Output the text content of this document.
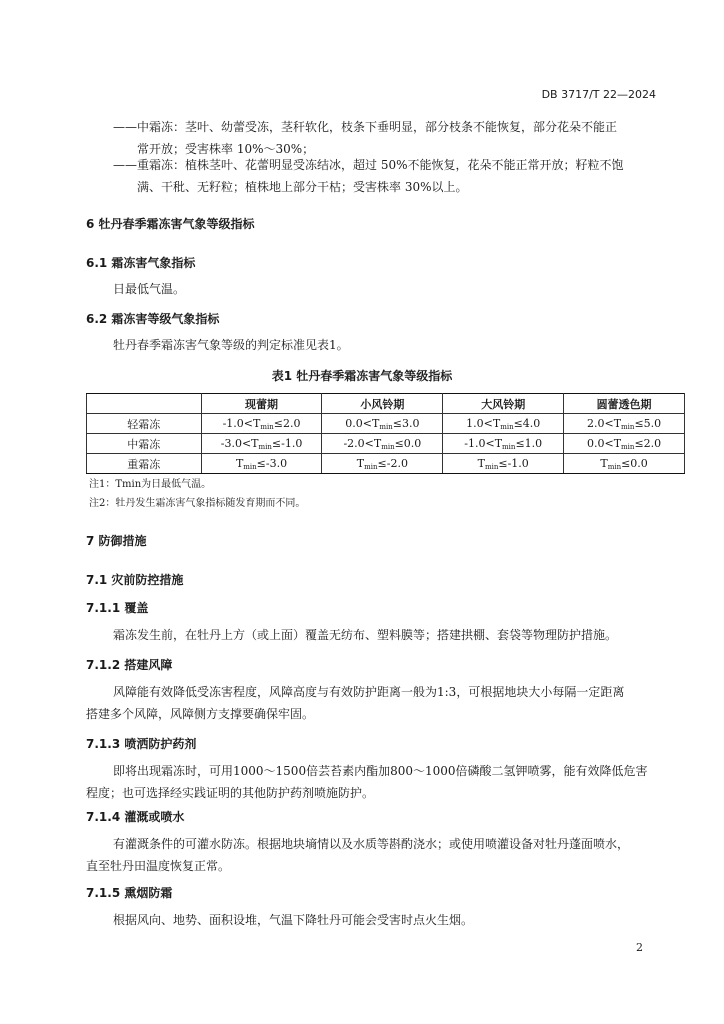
DB 3717/T 22—2024
——中霜冻：茎叶、幼蕾受冻，茎秆软化，枝条下垂明显，部分枝条不能恢复，部分花朵不能正
常开放；受害株率 10%～30%；
——重霜冻：植株茎叶、花蕾明显受冻结冰，超过 50%不能恢复，花朵不能正常开放；籽粒不饱
满、干秕、无籽粒；植株地上部分干枯；受害株率 30%以上。
6 牡丹春季霜冻害气象等级指标
6.1 霜冻害气象指标
日最低气温。
6.2 霜冻害等级气象指标
牡丹春季霜冻害气象等级的判定标准见表1。
表1 牡丹春季霜冻害气象等级指标
	现蕾期	小风铃期	大风铃期	圆蕾透色期
轻霜冻	-1.0<Tmin≤2.0	0.0<Tmin≤3.0	1.0<Tmin≤4.0	2.0<Tmin≤5.0
中霜冻	-3.0<Tmin≤-1.0	-2.0<Tmin≤0.0	-1.0<Tmin≤1.0	0.0<Tmin≤2.0
重霜冻	Tmin≤-3.0	Tmin≤-2.0	Tmin≤-1.0	Tmin≤0.0
注1：Tmin为日最低气温。
注2：牡丹发生霜冻害气象指标随发育期而不同。
7 防御措施
7.1 灾前防控措施
7.1.1 覆盖
霜冻发生前，在牡丹上方（或上面）覆盖无纺布、塑料膜等；搭建拱棚、套袋等物理防护措施。
7.1.2 搭建风障
风障能有效降低受冻害程度，风障高度与有效防护距离一般为1:3，可根据地块大小每隔一定距离
搭建多个风障，风障侧方支撑要确保牢固。
7.1.3 喷洒防护药剂
即将出现霜冻时，可用1000～1500倍芸苔素内酯加800～1000倍磷酸二氢钾喷雾，能有效降低危害
程度；也可选择经实践证明的其他防护药剂喷施防护。
7.1.4 灌溉或喷水
有灌溉条件的可灌水防冻。根据地块墒情以及水质等斟酌浇水；或使用喷灌设备对牡丹蓬面喷水，
直至牡丹田温度恢复正常。
7.1.5 熏烟防霜
根据风向、地势、面积设堆，气温下降牡丹可能会受害时点火生烟。
2
